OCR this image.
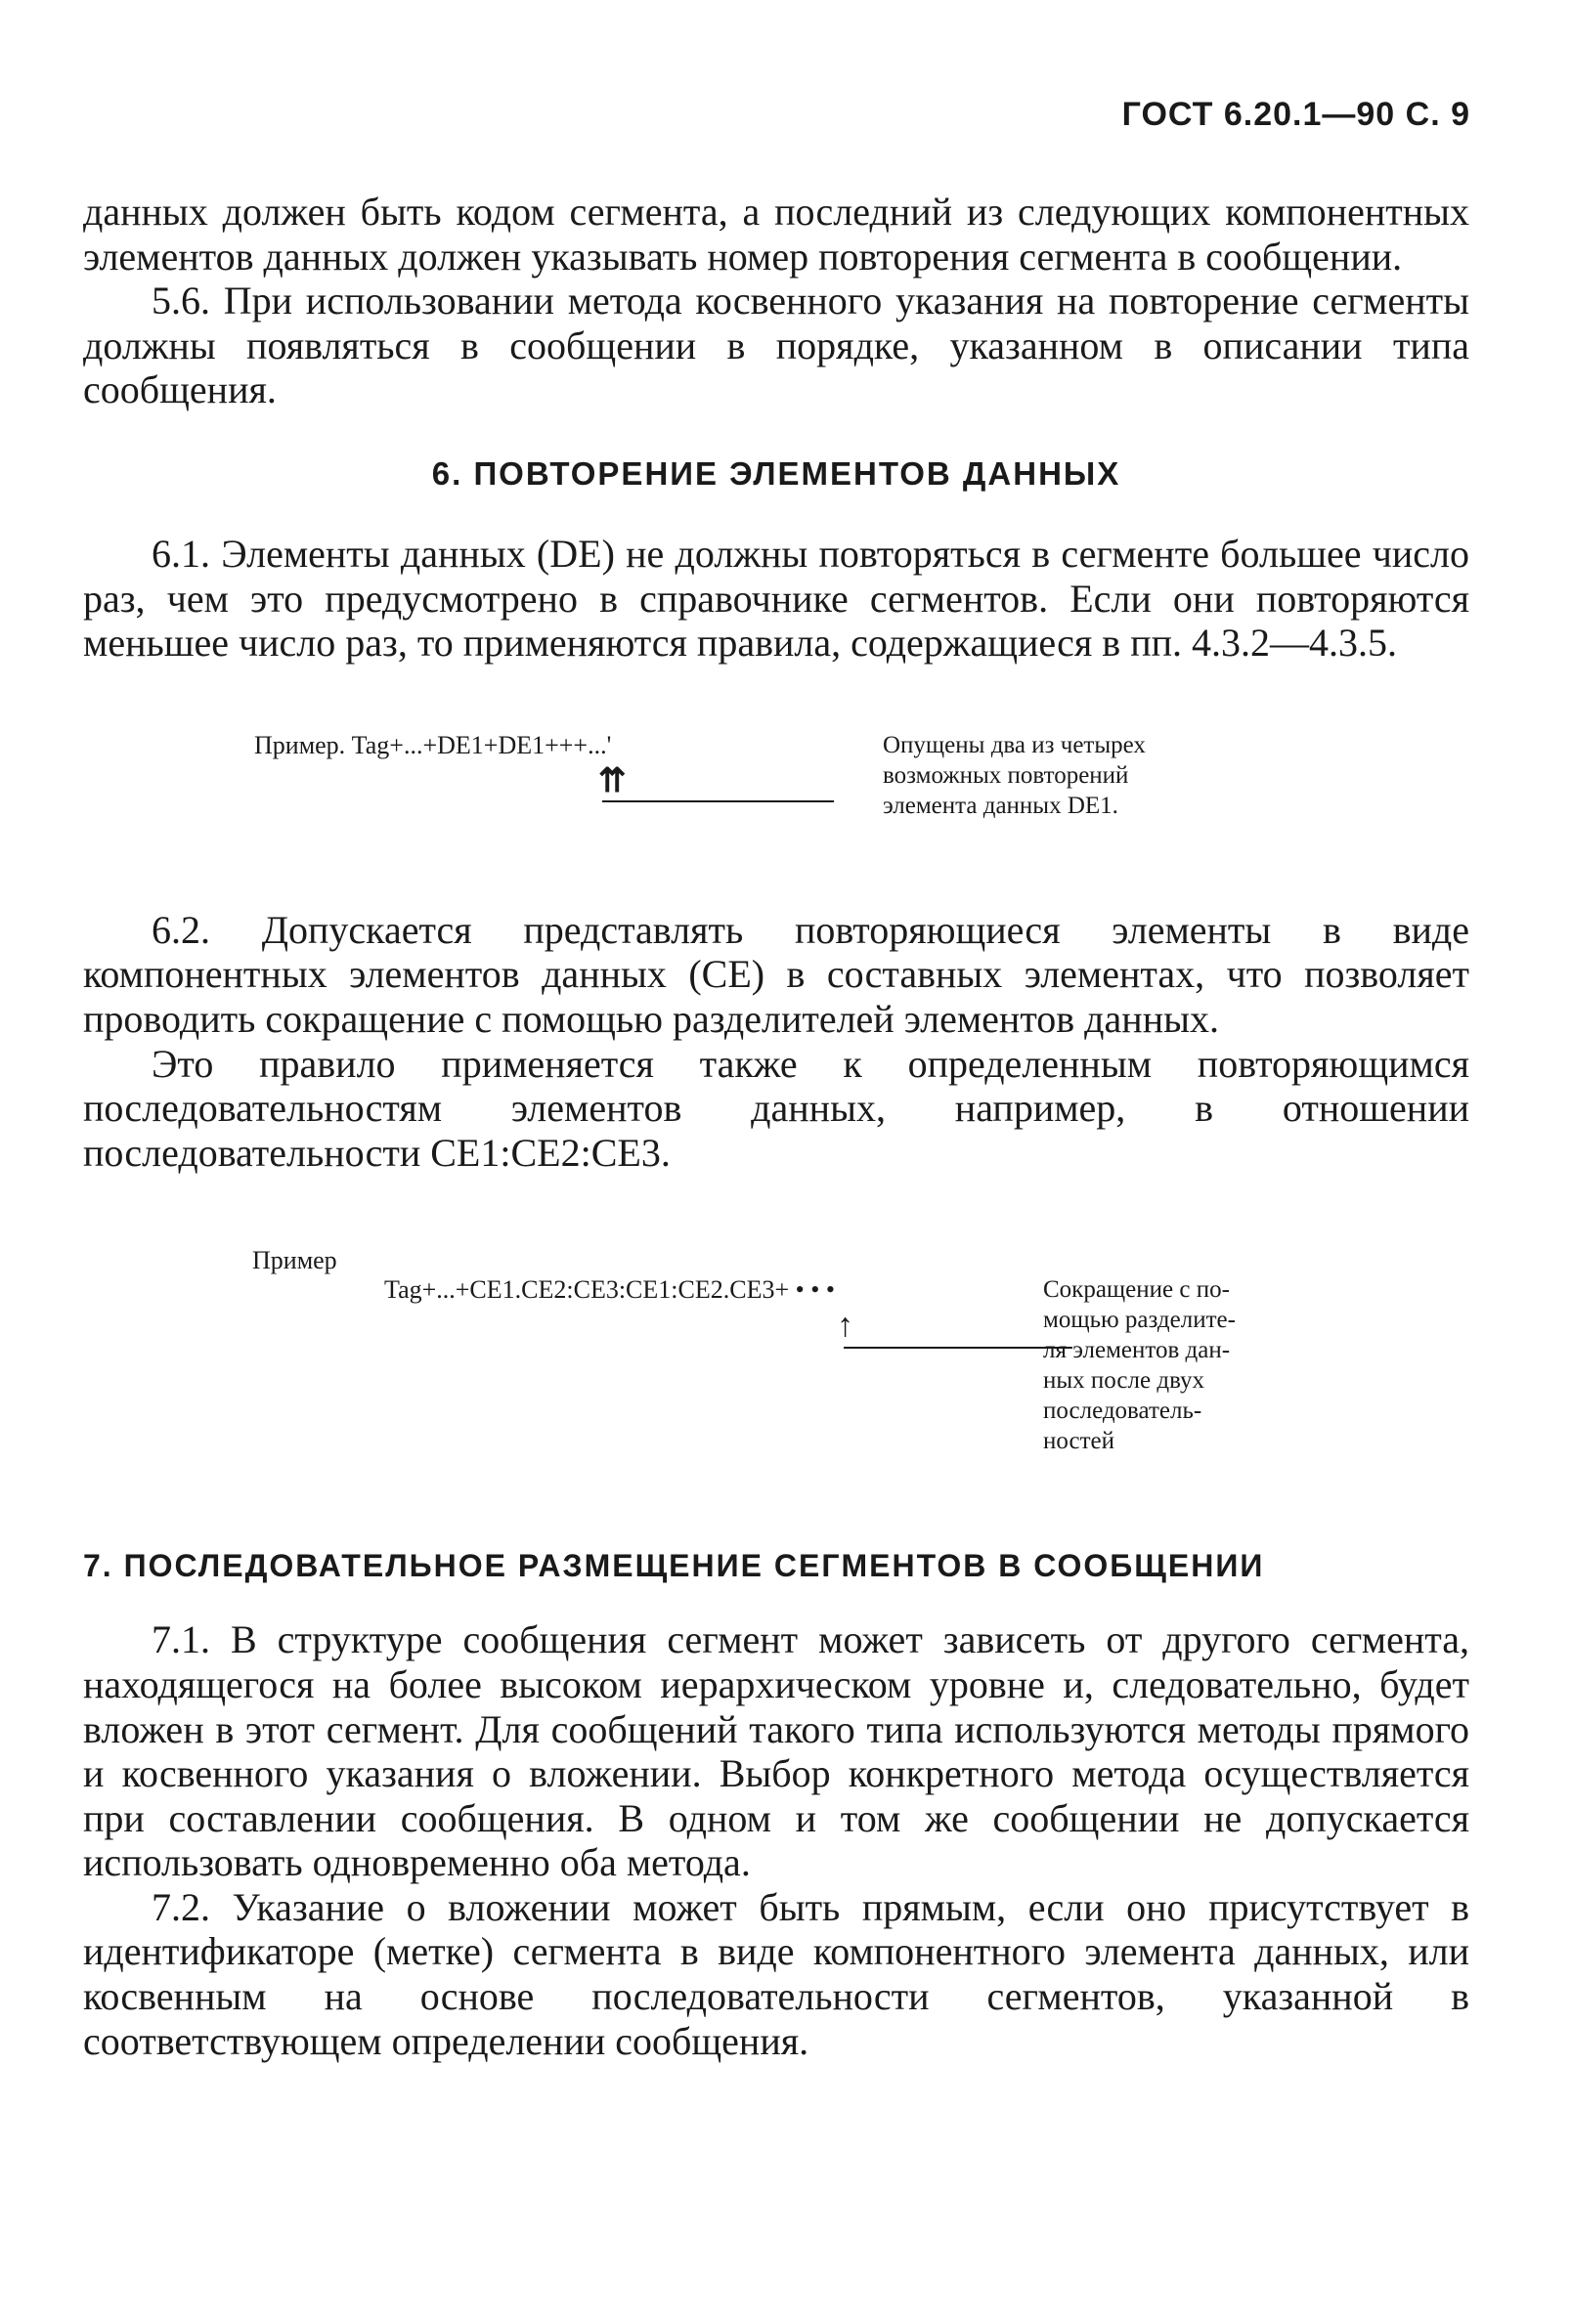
ГОСТ 6.20.1—90 С. 9

данных должен быть кодом сегмента, а последний из следующих компонентных элементов данных должен указывать номер повторения сегмента в сообщении.

5.6. При использовании метода косвенного указания на повторение сегменты должны появляться в сообщении в порядке, указанном в описании типа сообщения.

6. ПОВТОРЕНИЕ ЭЛЕМЕНТОВ ДАННЫХ

6.1. Элементы данных (DE) не должны повторяться в сегменте большее число раз, чем это предусмотрено в справочнике сегментов. Если они повторяются меньшее число раз, то применяются правила, содержащиеся в пп. 4.3.2—4.3.5.

Пример. Tag+...+DE1+DE1+++...'
⇈
Опущены два из четырех
возможных повторений
элемента данных DE1.

6.2. Допускается представлять повторяющиеся элементы в виде компонентных элементов данных (СЕ) в составных элементах, что позволяет проводить сокращение с помощью разделителей элементов данных.

Это правило применяется также к определенным повторяющимся последовательностям элементов данных, например, в отношении последовательности CE1:CE2:CE3.

Пример
Tag+...+CE1.CE2:CE3:CE1:CE2.CE3+ • • •
↑
Сокращение с по-
мощью разделите-
ля элементов дан-
ных после двух
последователь-
ностей
7. ПОСЛЕДОВАТЕЛЬНОЕ РАЗМЕЩЕНИЕ СЕГМЕНТОВ В СООБЩЕНИИ

7.1. В структуре сообщения сегмент может зависеть от другого сегмента, находящегося на более высоком иерархическом уровне и, следовательно, будет вложен в этот сегмент. Для сообщений такого типа используются методы прямого и косвенного указания о вложении. Выбор конкретного метода осуществляется при составлении сообщения. В одном и том же сообщении не допускается использовать одновременно оба метода.

7.2. Указание о вложении может быть прямым, если оно присутствует в идентификаторе (метке) сегмента в виде компонентного элемента данных, или косвенным на основе последовательности сегментов, указанной в соответствующем определении сообщения.
